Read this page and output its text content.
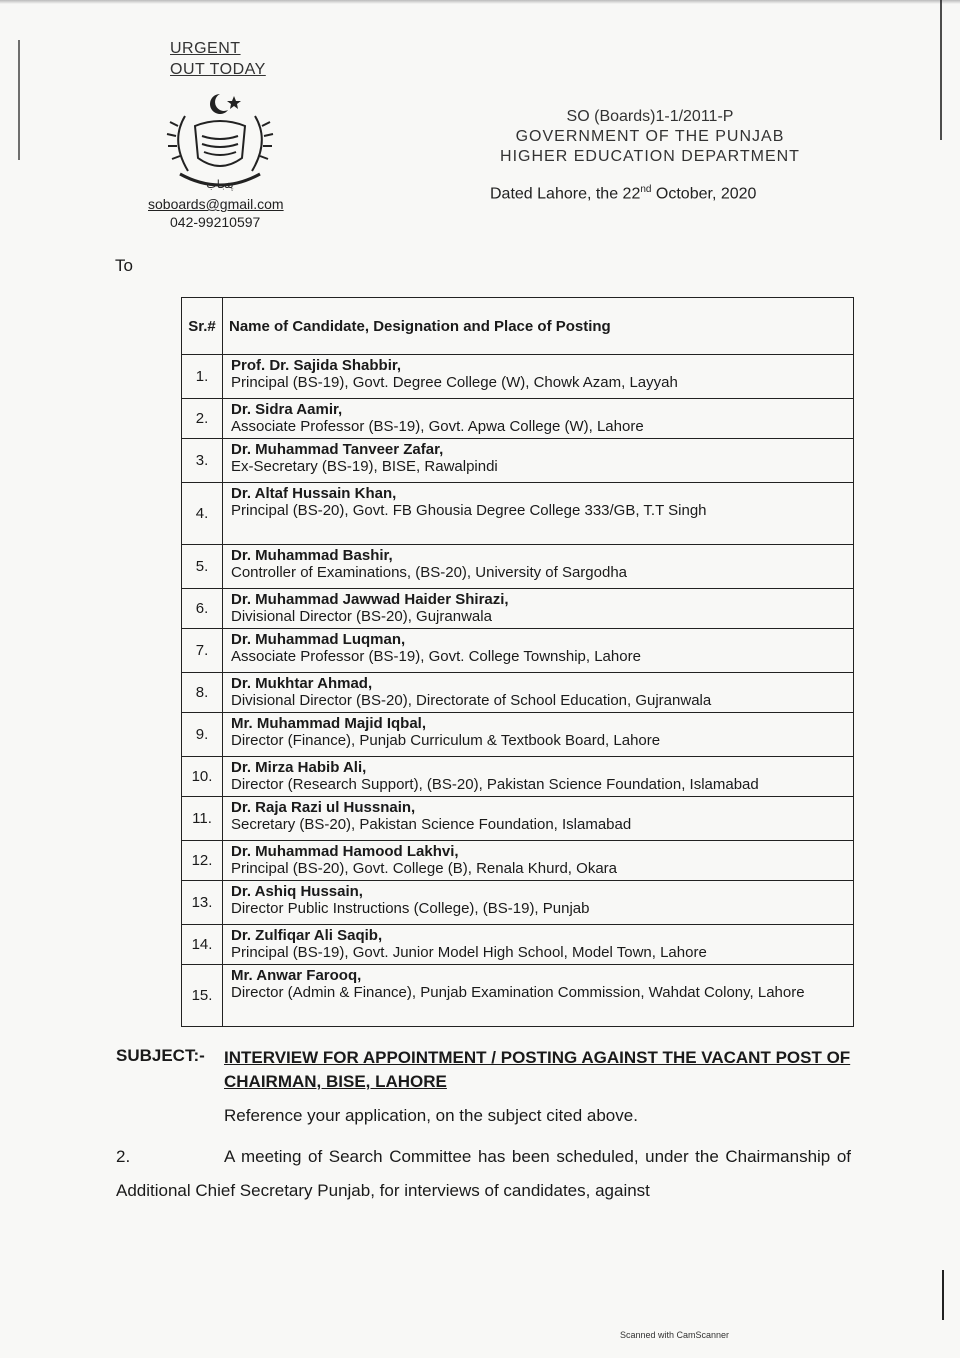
URGENT
OUT TODAY
پنجاب
soboards@gmail.com
042-99210597
SO (Boards)1-1/2011-P
GOVERNMENT OF THE PUNJAB
HIGHER EDUCATION DEPARTMENT
Dated Lahore, the 22nd October, 2020
To
Sr.#	Name of Candidate, Designation and Place of Posting
1.	Prof. Dr. Sajida Shabbir,
Principal (BS-19), Govt. Degree College (W), Chowk Azam, Layyah

2.	Dr. Sidra Aamir,
Associate Professor (BS-19), Govt. Apwa College (W), Lahore

3.	Dr. Muhammad Tanveer Zafar,
Ex-Secretary (BS-19), BISE, Rawalpindi

4.	Dr. Altaf Hussain Khan,
Principal (BS-20), Govt. FB Ghousia Degree College 333/GB, T.T Singh

5.	Dr. Muhammad Bashir,
Controller of Examinations, (BS-20), University of Sargodha

6.	Dr. Muhammad Jawwad Haider Shirazi,
Divisional Director (BS-20), Gujranwala

7.	Dr. Muhammad Luqman,
Associate Professor (BS-19), Govt. College Township, Lahore

8.	Dr. Mukhtar Ahmad,
Divisional Director (BS-20), Directorate of School Education, Gujranwala

9.	Mr. Muhammad Majid Iqbal,
Director (Finance), Punjab Curriculum & Textbook Board, Lahore

10.	Dr. Mirza Habib Ali,
Director (Research Support), (BS-20), Pakistan Science Foundation, Islamabad

11.	Dr. Raja Razi ul Hussnain,
Secretary (BS-20), Pakistan Science Foundation, Islamabad

12.	Dr. Muhammad Hamood Lakhvi,
Principal (BS-20), Govt. College (B), Renala Khurd, Okara

13.	Dr. Ashiq Hussain,
Director Public Instructions (College), (BS-19), Punjab

14.	Dr. Zulfiqar Ali Saqib,
Principal (BS-19), Govt. Junior Model High School, Model Town, Lahore

15.	Mr. Anwar Farooq,
Director (Admin & Finance), Punjab Examination Commission, Wahdat Colony, Lahore
SUBJECT:- INTERVIEW FOR APPOINTMENT / POSTING AGAINST THE VACANT POST OF CHAIRMAN, BISE, LAHORE
Reference your application, on the subject cited above.
2.	A meeting of Search Committee has been scheduled, under the Chairmanship of Additional Chief Secretary Punjab, for interviews of candidates, against
Scanned with CamScanner
